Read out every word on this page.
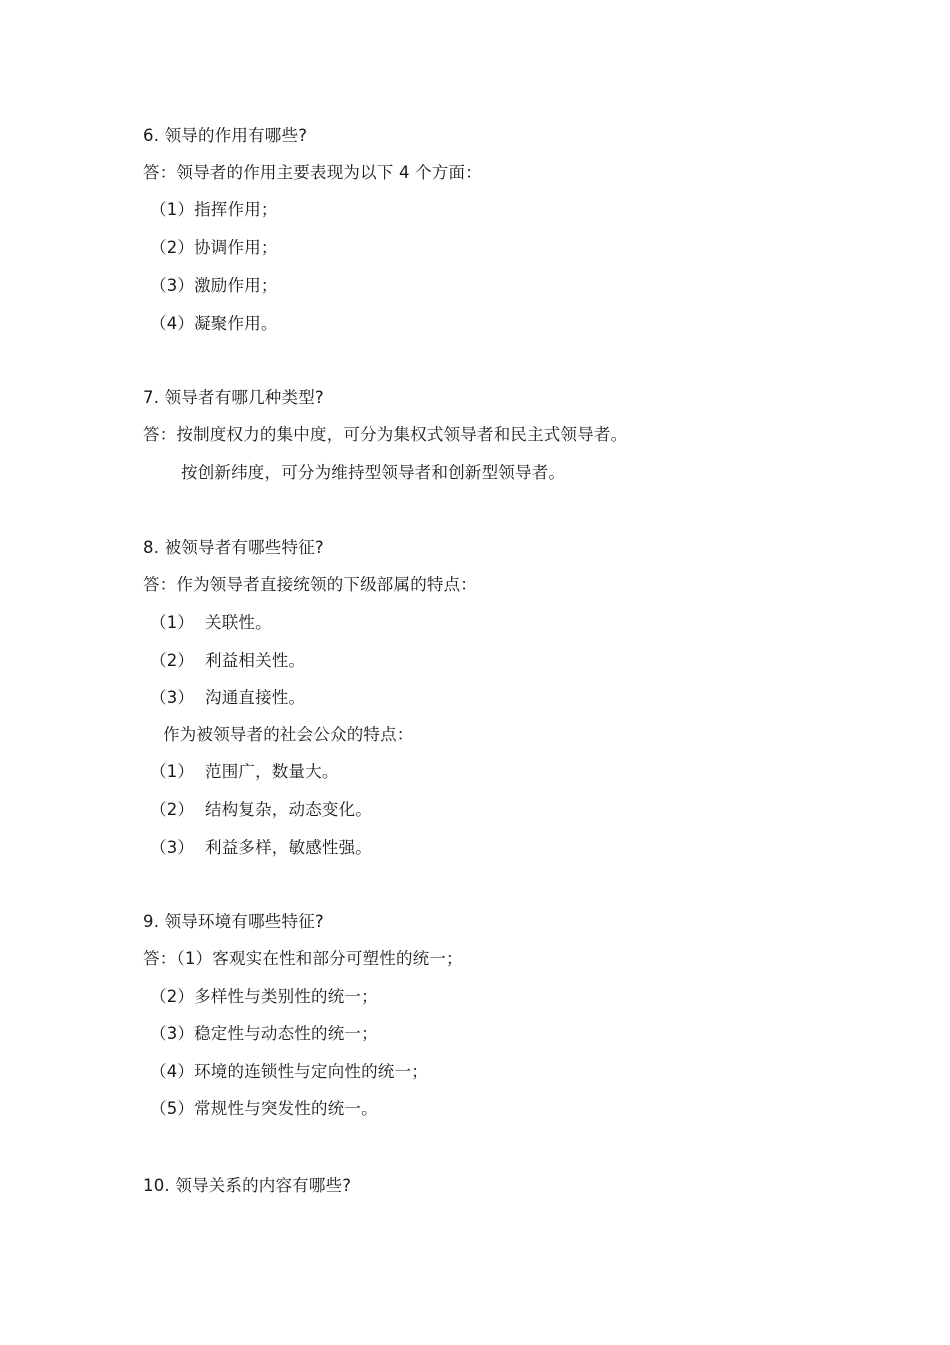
6. 领导的作用有哪些?
答：领导者的作用主要表现为以下 4 个方面：
（1）指挥作用；
（2）协调作用；
（3）激励作用；
（4）凝聚作用。
7. 领导者有哪几种类型?
答：按制度权力的集中度，可分为集权式领导者和民主式领导者。
按创新纬度，可分为维持型领导者和创新型领导者。
8. 被领导者有哪些特征?
答：作为领导者直接统领的下级部属的特点：
（1）  关联性。
（2）  利益相关性。
（3）  沟通直接性。
作为被领导者的社会公众的特点：
（1）  范围广，数量大。
（2）  结构复杂，动态变化。
（3）  利益多样，敏感性强。
9. 领导环境有哪些特征?
答：（1）客观实在性和部分可塑性的统一；
（2）多样性与类别性的统一；
（3）稳定性与动态性的统一；
（4）环境的连锁性与定向性的统一；
（5）常规性与突发性的统一。
10. 领导关系的内容有哪些?
